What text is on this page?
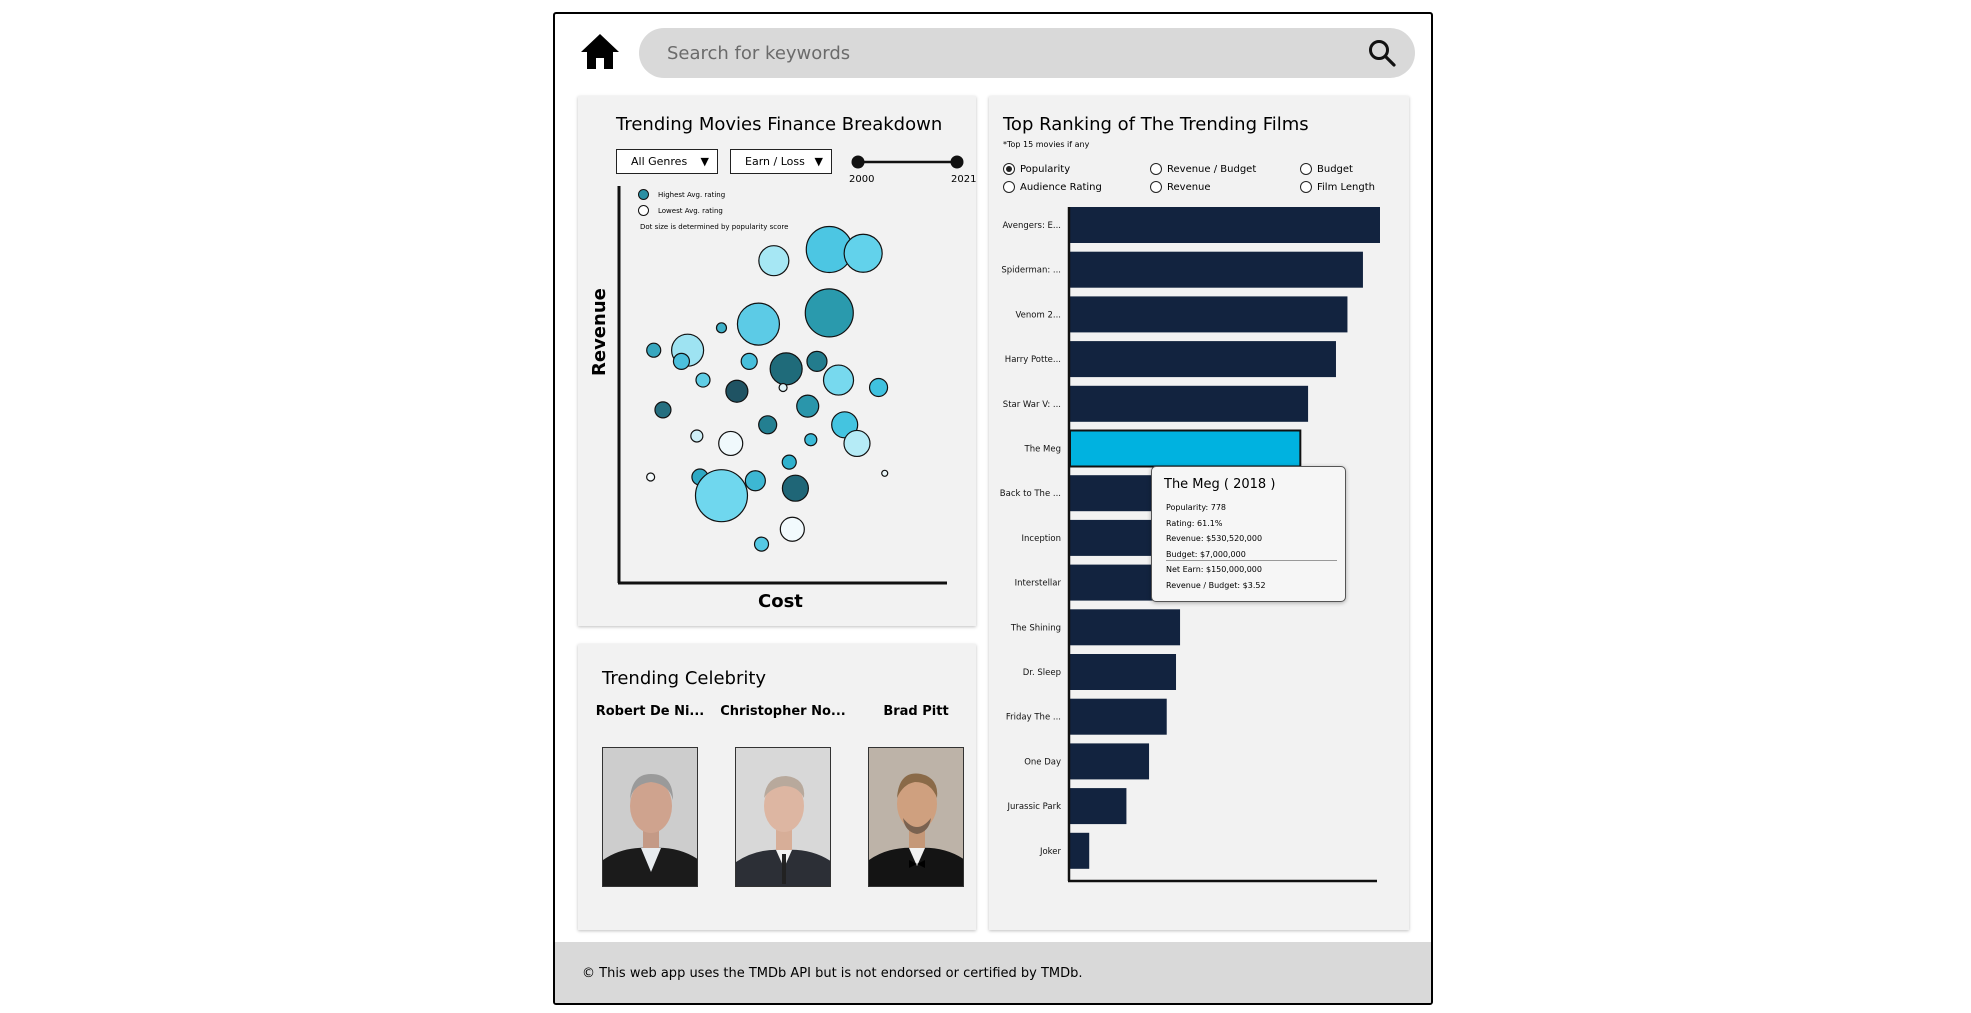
Search for keywords
Trending Movies Finance Breakdown
All Genres ▼	Earn / Loss ▼
2000	2021
Highest Avg. rating
Lowest Avg. rating
Dot size is determined by popularity score
Revenue
Cost
Trending Celebrity
Robert De Ni...	Christopher No...	Brad Pitt
Top Ranking of The Trending Films
*Top 15 movies if any
Popularity	Revenue / Budget	Budget
Audience Rating	Revenue	Film Length
Avengers: E...
Spiderman: ...
Venom 2...
Harry Potte...
Star War V: ...
The Meg
Back to The ...
Inception
Interstellar
The Shining
Dr. Sleep
Friday The ...
One Day
Jurassic Park
Joker
The Meg ( 2018 )
Popularity: 778
Rating: 61.1%
Revenue: $530,520,000
Budget: $7,000,000
Net Earn: $150,000,000
Revenue / Budget: $3.52
© This web app uses the TMDb API but is not endorsed or certified by TMDb.
